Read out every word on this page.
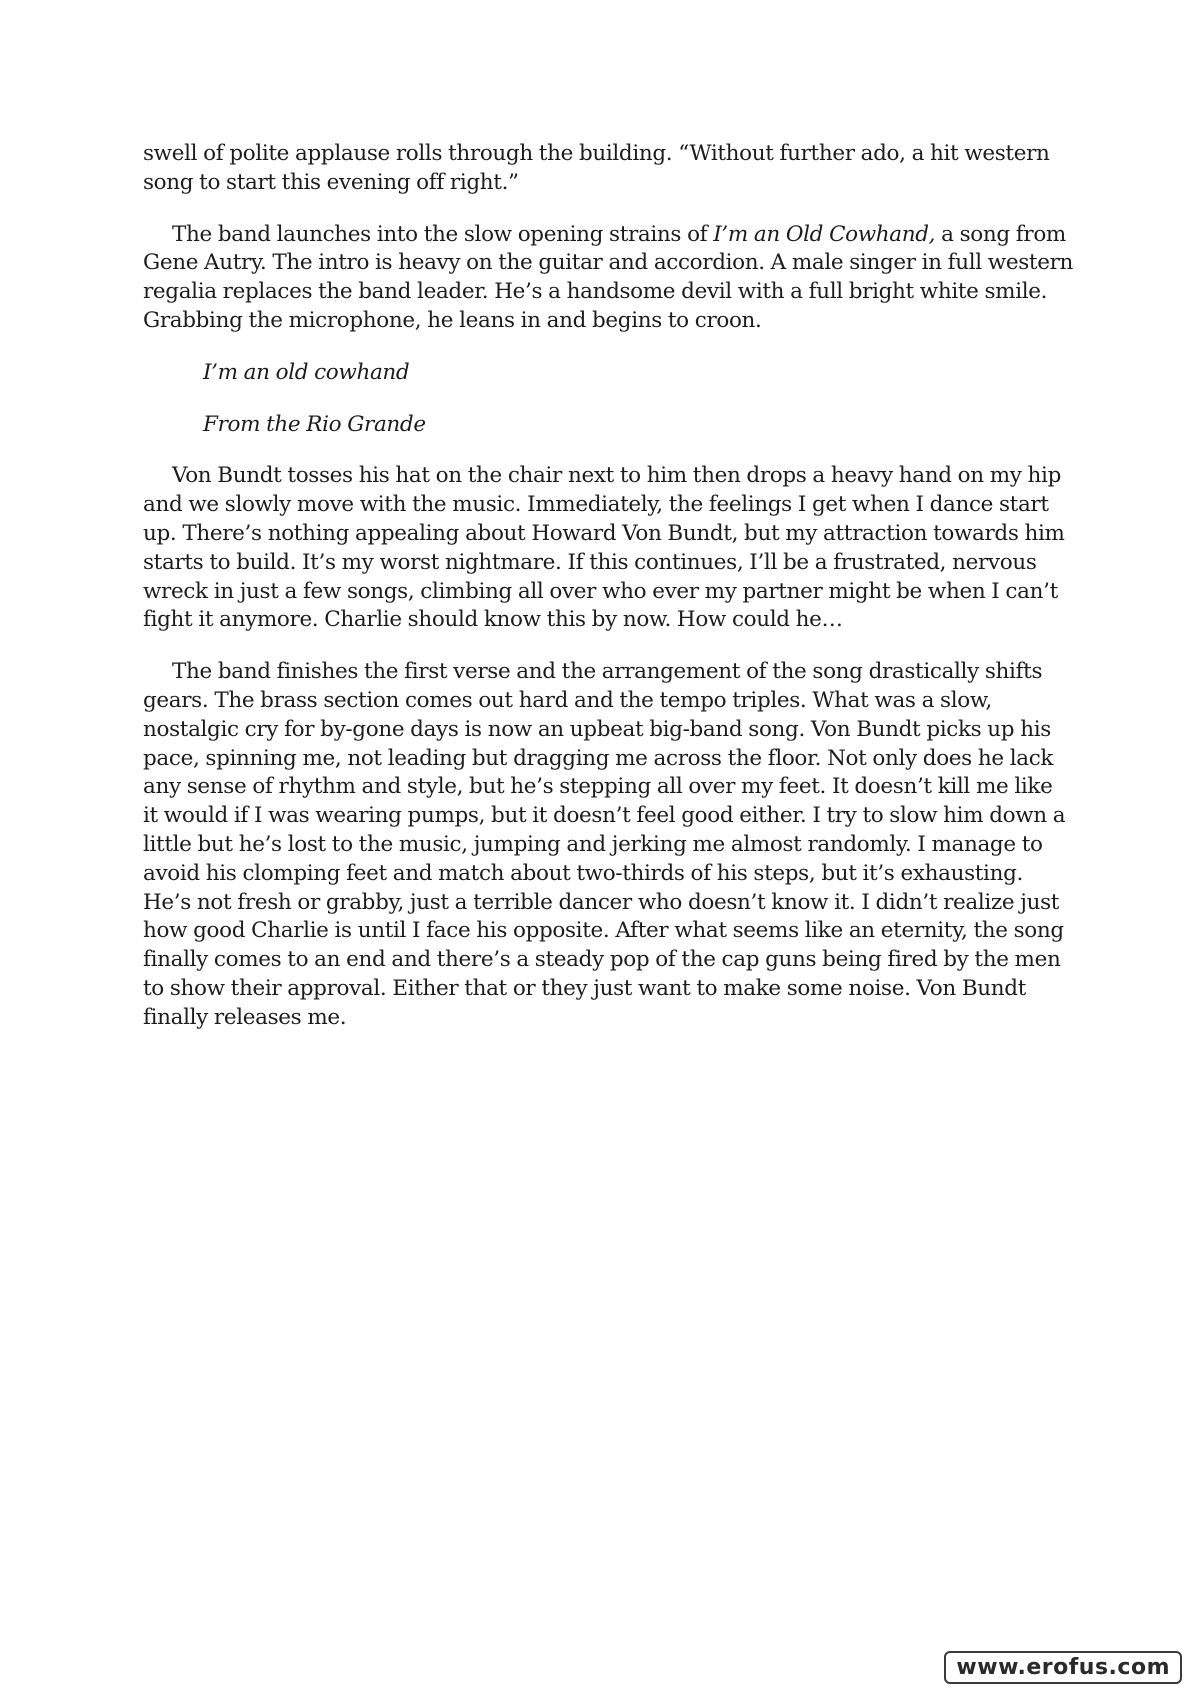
swell of polite applause rolls through the building. “Without further ado, a hit western song to start this evening off right.”

The band launches into the slow opening strains of I’m an Old Cowhand, a song from Gene Autry. The intro is heavy on the guitar and accordion. A male singer in full western regalia replaces the band leader. He’s a handsome devil with a full bright white smile. Grabbing the microphone, he leans in and begins to croon.

I’m an old cowhand

From the Rio Grande

Von Bundt tosses his hat on the chair next to him then drops a heavy hand on my hip and we slowly move with the music. Immediately, the feelings I get when I dance start up. There’s nothing appealing about Howard Von Bundt, but my attraction towards him starts to build. It’s my worst nightmare. If this continues, I’ll be a frustrated, nervous wreck in just a few songs, climbing all over who ever my partner might be when I can’t fight it anymore. Charlie should know this by now. How could he…

The band finishes the first verse and the arrangement of the song drastically shifts gears. The brass section comes out hard and the tempo triples. What was a slow, nostalgic cry for by-gone days is now an upbeat big-band song. Von Bundt picks up his pace, spinning me, not leading but dragging me across the floor. Not only does he lack any sense of rhythm and style, but he’s stepping all over my feet. It doesn’t kill me like it would if I was wearing pumps, but it doesn’t feel good either. I try to slow him down a little but he’s lost to the music, jumping and jerking me almost randomly. I manage to avoid his clomping feet and match about two-thirds of his steps, but it’s exhausting. He’s not fresh or grabby, just a terrible dancer who doesn’t know it. I didn’t realize just how good Charlie is until I face his opposite. After what seems like an eternity, the song finally comes to an end and there’s a steady pop of the cap guns being fired by the men to show their approval. Either that or they just want to make some noise. Von Bundt finally releases me.

www.erofus.com
